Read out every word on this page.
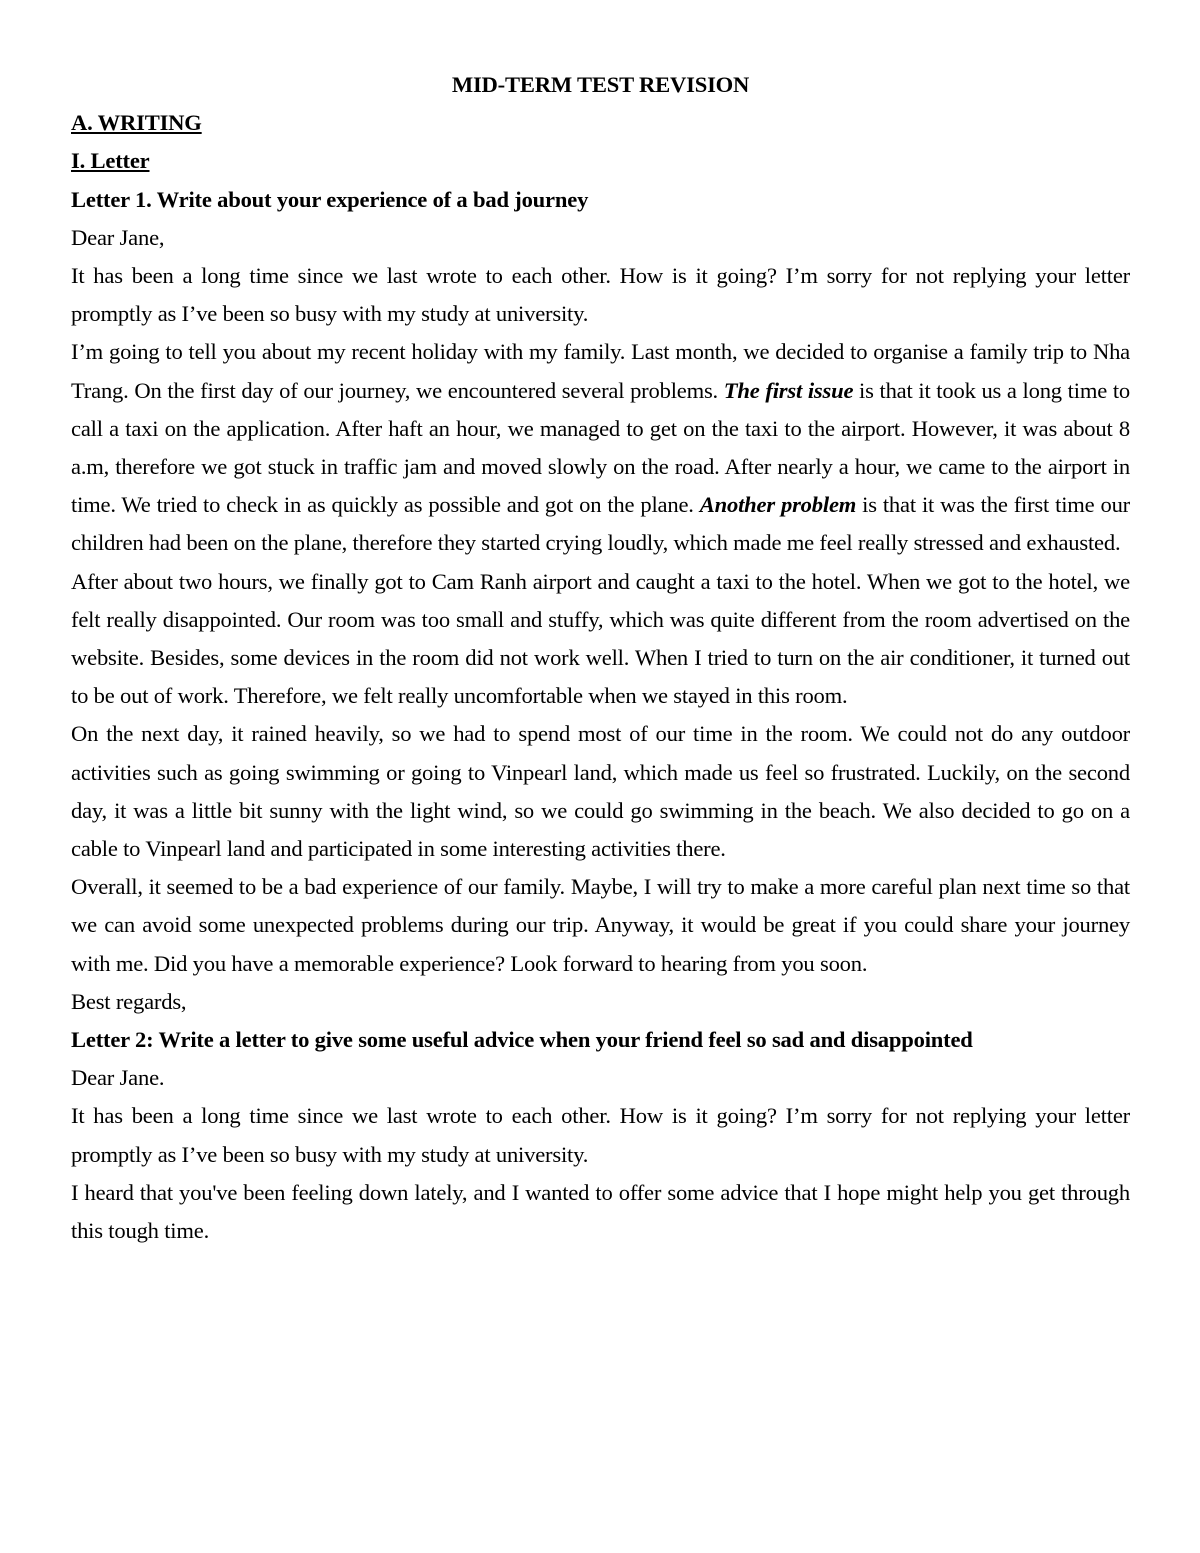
MID-TERM TEST REVISION
A. WRITING
I. Letter
Letter 1. Write about your experience of a bad journey

Dear Jane,

It has been a long time since we last wrote to each other. How is it going? I’m sorry for not replying your letter promptly as I’ve been so busy with my study at university.

I’m going to tell you about my recent holiday with my family. Last month, we decided to organise a family trip to Nha Trang. On the first day of our journey, we encountered several problems. The first issue is that it took us a long time to call a taxi on the application. After haft an hour, we managed to get on the taxi to the airport. However, it was about 8 a.m, therefore we got stuck in traffic jam and moved slowly on the road. After nearly a hour, we came to the airport in time. We tried to check in as quickly as possible and got on the plane. Another problem is that it was the first time our children had been on the plane, therefore they started crying loudly, which made me feel really stressed and exhausted.

After about two hours, we finally got to Cam Ranh airport and caught a taxi to the hotel. When we got to the hotel, we felt really disappointed. Our room was too small and stuffy, which was quite different from the room advertised on the website. Besides, some devices in the room did not work well. When I tried to turn on the air conditioner, it turned out to be out of work. Therefore, we felt really uncomfortable when we stayed in this room.

On the next day, it rained heavily, so we had to spend most of our time in the room. We could not do any outdoor activities such as going swimming or going to Vinpearl land, which made us feel so frustrated. Luckily, on the second day, it was a little bit sunny with the light wind, so we could go swimming in the beach. We also decided to go on a cable to Vinpearl land and participated in some interesting activities there.

Overall, it seemed to be a bad experience of our family. Maybe, I will try to make a more careful plan next time so that we can avoid some unexpected problems during our trip. Anyway, it would be great if you could share your journey with me. Did you have a memorable experience? Look forward to hearing from you soon.

Best regards,

Letter 2: Write a letter to give some useful advice when your friend feel so sad and disappointed

Dear Jane.

It has been a long time since we last wrote to each other. How is it going? I’m sorry for not replying your letter promptly as I’ve been so busy with my study at university.

I heard that you've been feeling down lately, and I wanted to offer some advice that I hope might help you get through this tough time.
